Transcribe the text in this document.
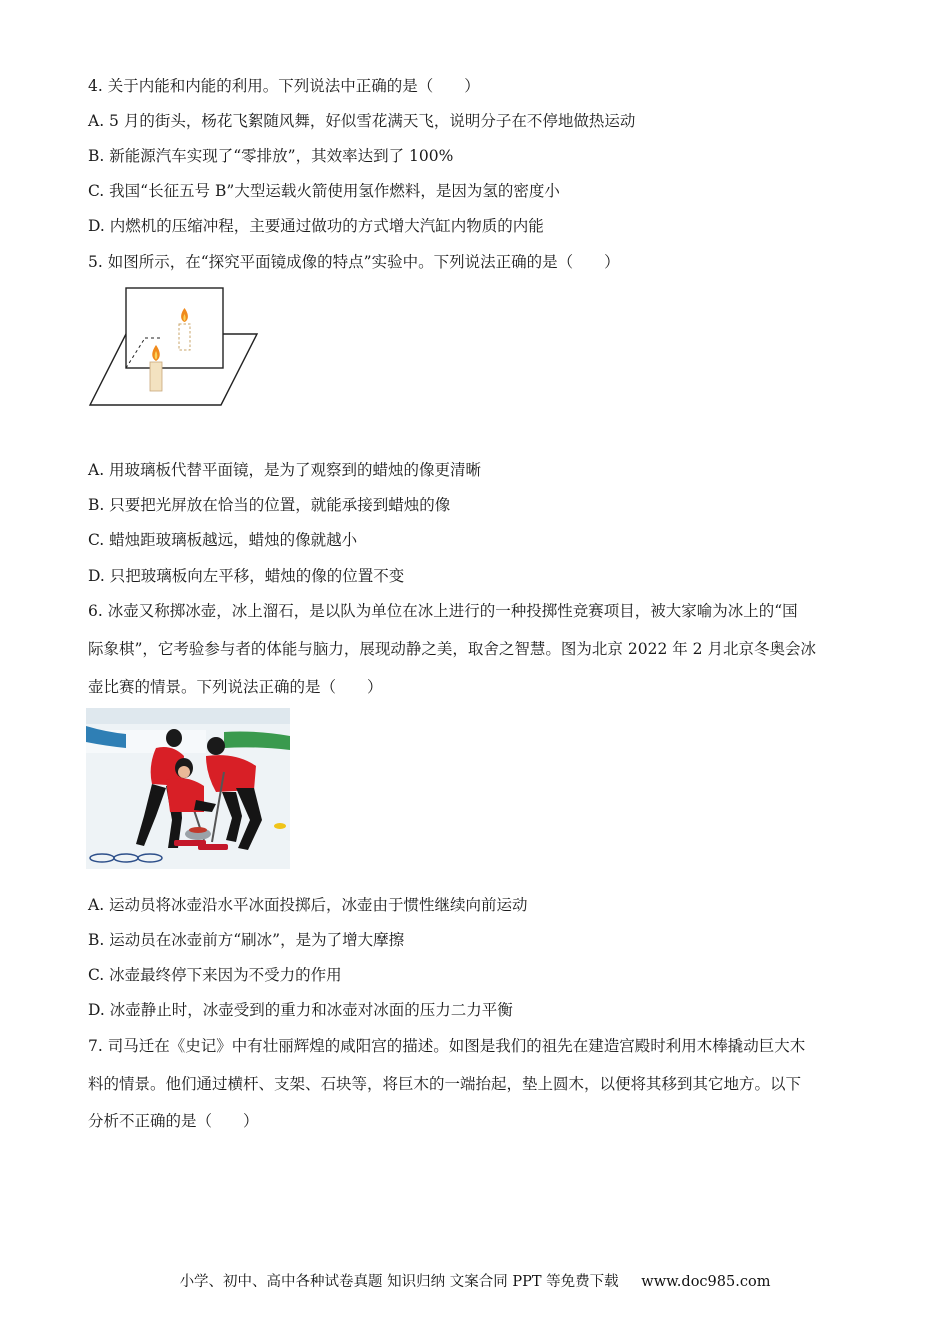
4. 关于内能和内能的利用。下列说法中正确的是（　　）
A. 5 月的街头，杨花飞絮随风舞，好似雪花满天飞，说明分子在不停地做热运动
B. 新能源汽车实现了“零排放”，其效率达到了 100%
C. 我国“长征五号 B”大型运载火箭使用氢作燃料，是因为氢的密度小
D. 内燃机的压缩冲程，主要通过做功的方式增大汽缸内物质的内能
5. 如图所示，在“探究平面镜成像的特点”实验中。下列说法正确的是（　　）
A. 用玻璃板代替平面镜，是为了观察到的蜡烛的像更清晰
B. 只要把光屏放在恰当的位置，就能承接到蜡烛的像
C. 蜡烛距玻璃板越远，蜡烛的像就越小
D. 只把玻璃板向左平移，蜡烛的像的位置不变
6. 冰壶又称掷冰壶，冰上溜石，是以队为单位在冰上进行的一种投掷性竞赛项目，被大家喻为冰上的“国
际象棋”，它考验参与者的体能与脑力，展现动静之美，取舍之智慧。图为北京 2022 年 2 月北京冬奥会冰
壶比赛的情景。下列说法正确的是（　　）
A. 运动员将冰壶沿水平冰面投掷后，冰壶由于惯性继续向前运动
B. 运动员在冰壶前方“刷冰”，是为了增大摩擦
C. 冰壶最终停下来因为不受力的作用
D. 冰壶静止时，冰壶受到的重力和冰壶对冰面的压力二力平衡
7. 司马迁在《史记》中有壮丽辉煌的咸阳宫的描述。如图是我们的祖先在建造宫殿时利用木棒撬动巨大木
料的情景。他们通过横杆、支架、石块等，将巨木的一端抬起，垫上圆木，以便将其移到其它地方。以下
分析不正确的是（　　）
小学、初中、高中各种试卷真题 知识归纳 文案合同 PPT 等免费下载 www.doc985.com
